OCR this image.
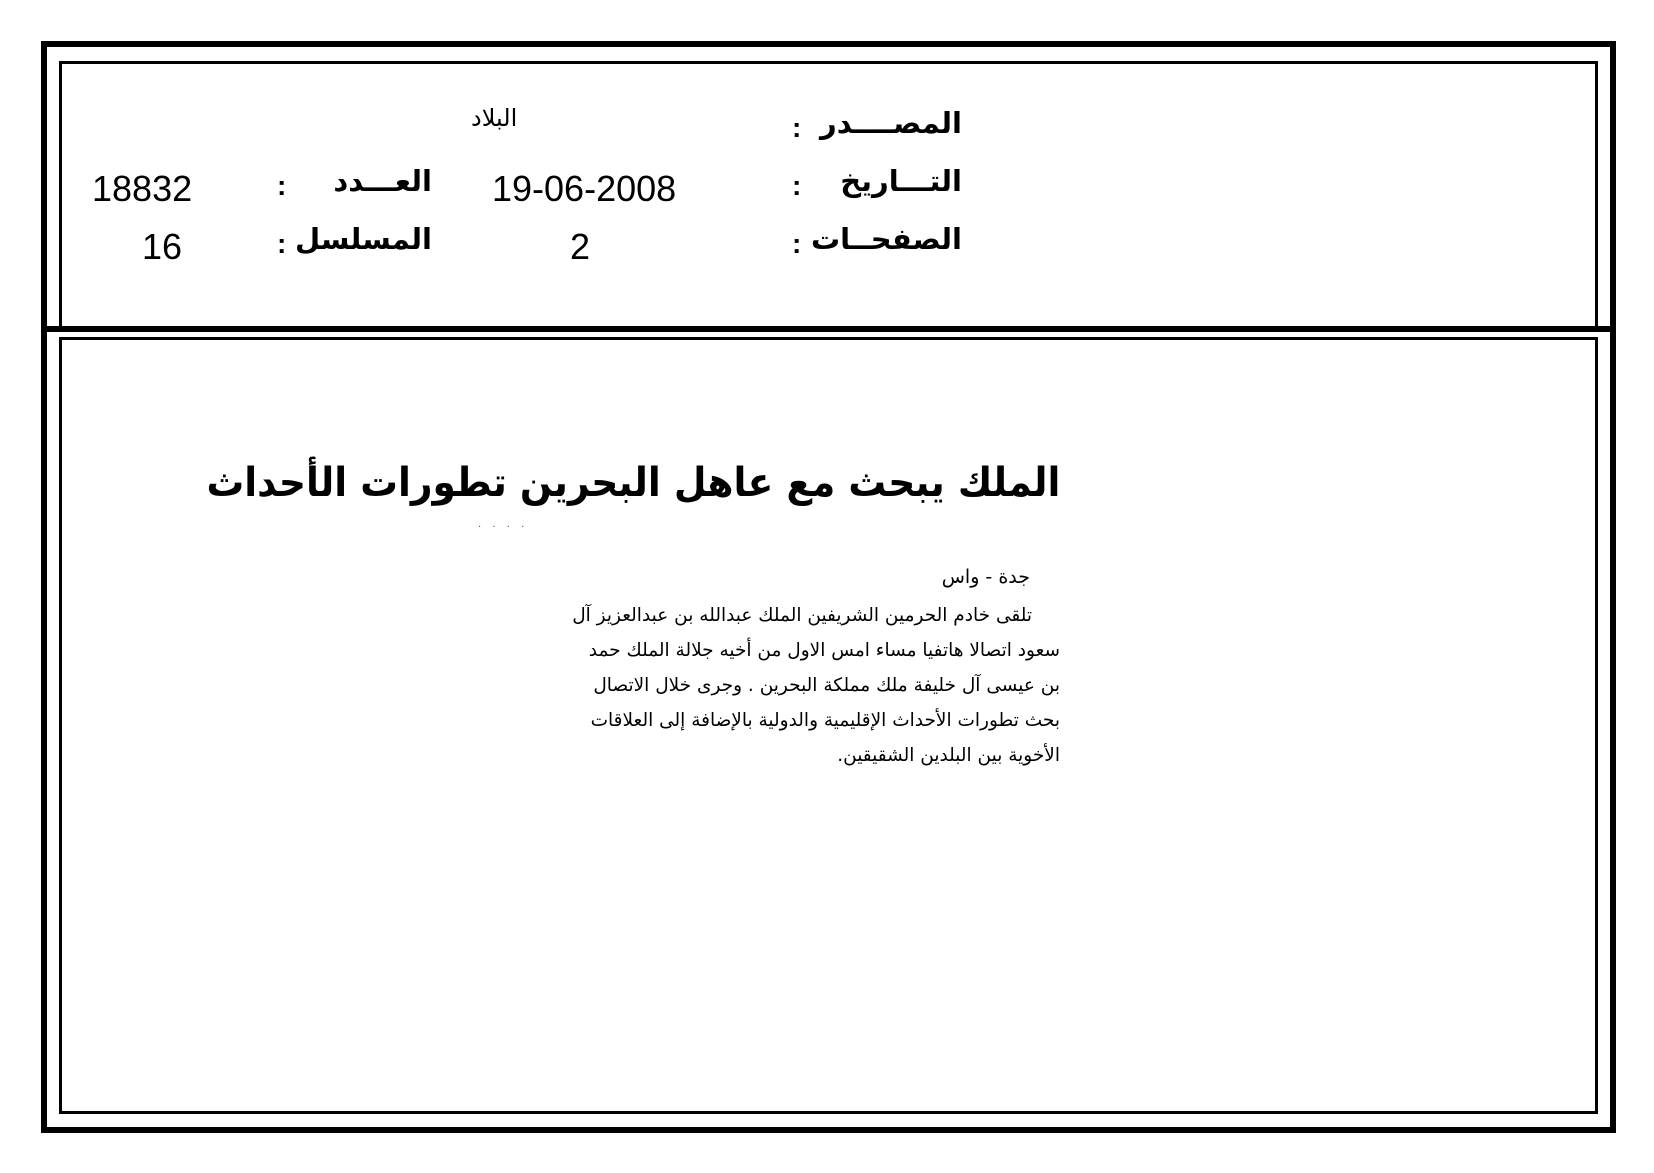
المصــــدر
:
البلاد
التـــاريخ
:
19-06-2008
العـــدد
:
18832
الصفحــات
:
2
المسلسل
:
16
الملك يبحث مع عاهل البحرين تطورات الأحداث
· · · ·
جدة - واس

تلقى خادم الحرمين الشريفين الملك عبدالله بن عبدالعزيز آل

سعود اتصالا هاتفيا مساء امس الاول من أخيه جلالة الملك حمد

بن عيسى آل خليفة ملك مملكة البحرين . وجرى خلال الاتصال

بحث تطورات الأحداث الإقليمية والدولية بالإضافة إلى العلاقات

الأخوية بين البلدين الشقيقين.
